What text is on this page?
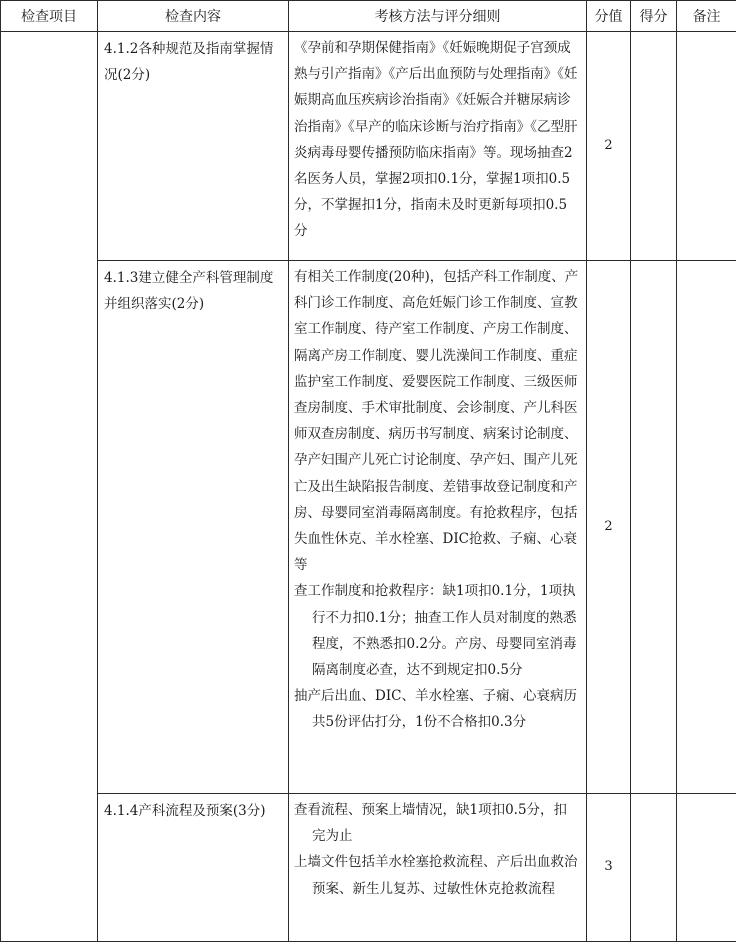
检查项目	检查内容	考核方法与评分细则	分值	得分	备注
	4.1.2各种规范及指南掌握情况(2分)	《孕前和孕期保健指南》《妊娠晚期促子宫颈成熟与引产指南》《产后出血预防与处理指南》《妊娠期高血压疾病诊治指南》《妊娠合并糖尿病诊治指南》《早产的临床诊断与治疗指南》《乙型肝炎病毒母婴传播预防临床指南》等。现场抽查2名医务人员，掌握2项扣0.1分，掌握1项扣0.5分，不掌握扣1分，指南未及时更新每项扣0.5分	2		
	4.1.3建立健全产科管理制度并组织落实(2分)	有相关工作制度(20种)，包括产科工作制度、产科门诊工作制度、高危妊娠门诊工作制度、宣教室工作制度、待产室工作制度、产房工作制度、隔离产房工作制度、婴儿洗澡间工作制度、重症监护室工作制度、爱婴医院工作制度、三级医师查房制度、手术审批制度、会诊制度、产儿科医师双查房制度、病历书写制度、病案讨论制度、孕产妇围产儿死亡讨论制度、孕产妇、围产儿死亡及出生缺陷报告制度、差错事故登记制度和产房、母婴同室消毒隔离制度。有抢救程序，包括失血性休克、羊水栓塞、DIC抢救、子痫、心衰等
查工作制度和抢救程序：缺1项扣0.1分，1项执行不力扣0.1分；抽查工作人员对制度的熟悉程度，不熟悉扣0.2分。产房、母婴同室消毒隔离制度必查，达不到规定扣0.5分
抽产后出血、DIC、羊水栓塞、子痫、心衰病历共5份评估打分，1份不合格扣0.3分	2		
	4.1.4产科流程及预案(3分)	查看流程、预案上墙情况，缺1项扣0.5分，扣完为止
上墙文件包括羊水栓塞抢救流程、产后出血救治预案、新生儿复苏、过敏性休克抢救流程	3		
